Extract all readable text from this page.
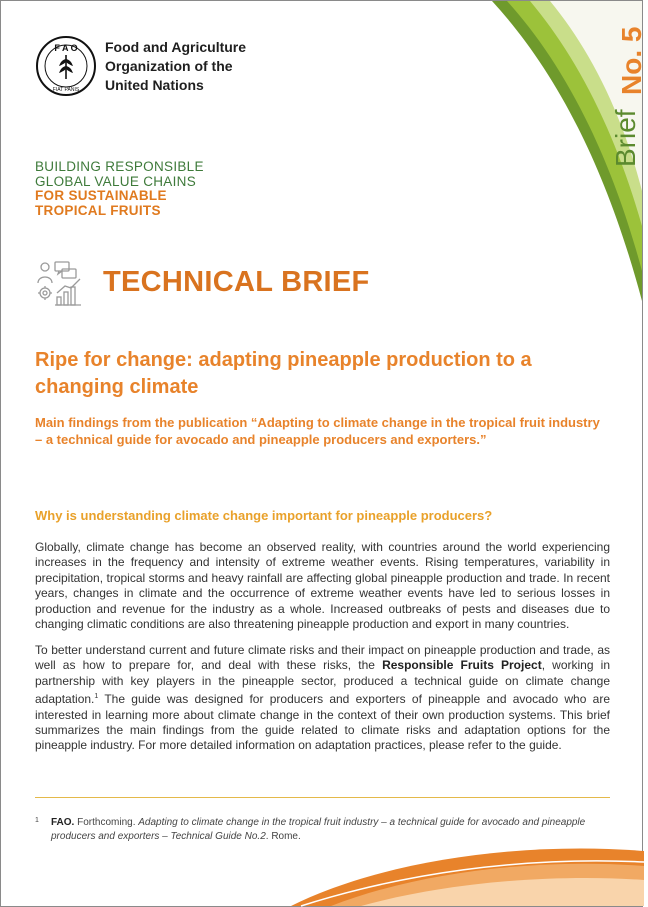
Brief
No. 5
F A O
FIAT PANIS
Food and Agriculture
Organization of the
United Nations
BUILDING RESPONSIBLE
GLOBAL VALUE CHAINS
FOR SUSTAINABLE
TROPICAL FRUITS
TECHNICAL BRIEF
Ripe for change: adapting pineapple production to a changing climate
Main findings from the publication “Adapting to climate change in the tropical fruit industry – a technical guide for avocado and pineapple producers and exporters.”
Why is understanding climate change important for pineapple producers?
Globally, climate change has become an observed reality, with countries around the world experiencing increases in the frequency and intensity of extreme weather events. Rising temperatures, variability in precipitation, tropical storms and heavy rainfall are affecting global pineapple production and trade. In recent years, changes in climate and the occurrence of extreme weather events have led to serious losses in production and revenue for the industry as a whole. Increased outbreaks of pests and diseases due to changing climatic conditions are also threatening pineapple production and export in many countries.
To better understand current and future climate risks and their impact on pineapple production and trade, as well as how to prepare for, and deal with these risks, the Responsible Fruits Project, working in partnership with key players in the pineapple sector, produced a technical guide on climate change adaptation.$^1$ The guide was designed for producers and exporters of pineapple and avocado who are interested in learning more about climate change in the context of their own production systems. This brief summarizes the main findings from the guide related to climate risks and adaptation options for the pineapple industry. For more detailed information on adaptation practices, please refer to the guide.
1 FAO. Forthcoming. Adapting to climate change in the tropical fruit industry – a technical guide for avocado and pineapple producers and exporters – Technical Guide No.2. Rome.
